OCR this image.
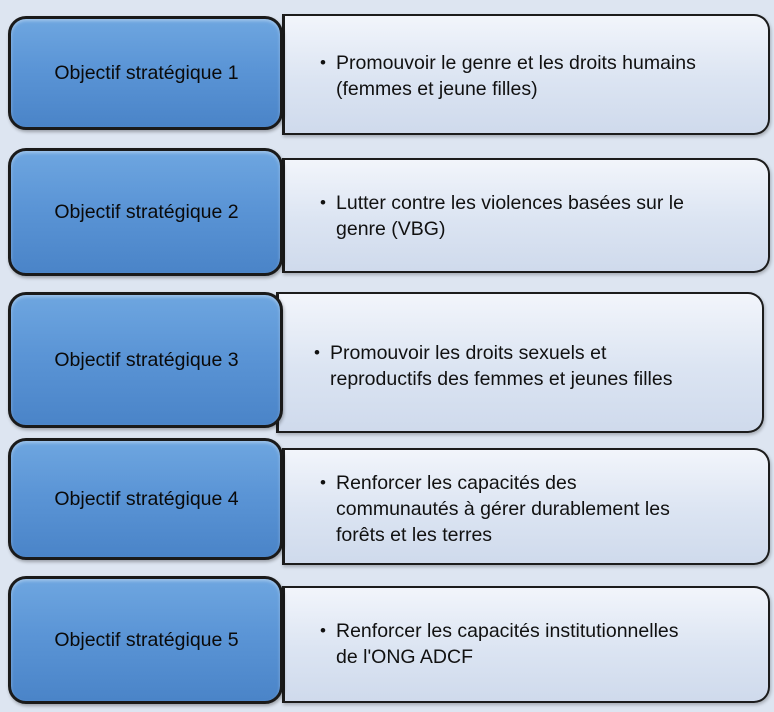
• Promouvoir le genre et les droits humains
(femmes et jeune filles)
Objectif stratégique 1
• Lutter contre les violences basées sur le
genre (VBG)
Objectif stratégique 2
• Promouvoir les droits sexuels et
reproductifs des femmes et jeunes filles
Objectif stratégique 3
• Renforcer les capacités des
communautés à gérer durablement les
forêts et les terres
Objectif stratégique 4
• Renforcer les capacités institutionnelles
de l'ONG ADCF
Objectif stratégique 5
